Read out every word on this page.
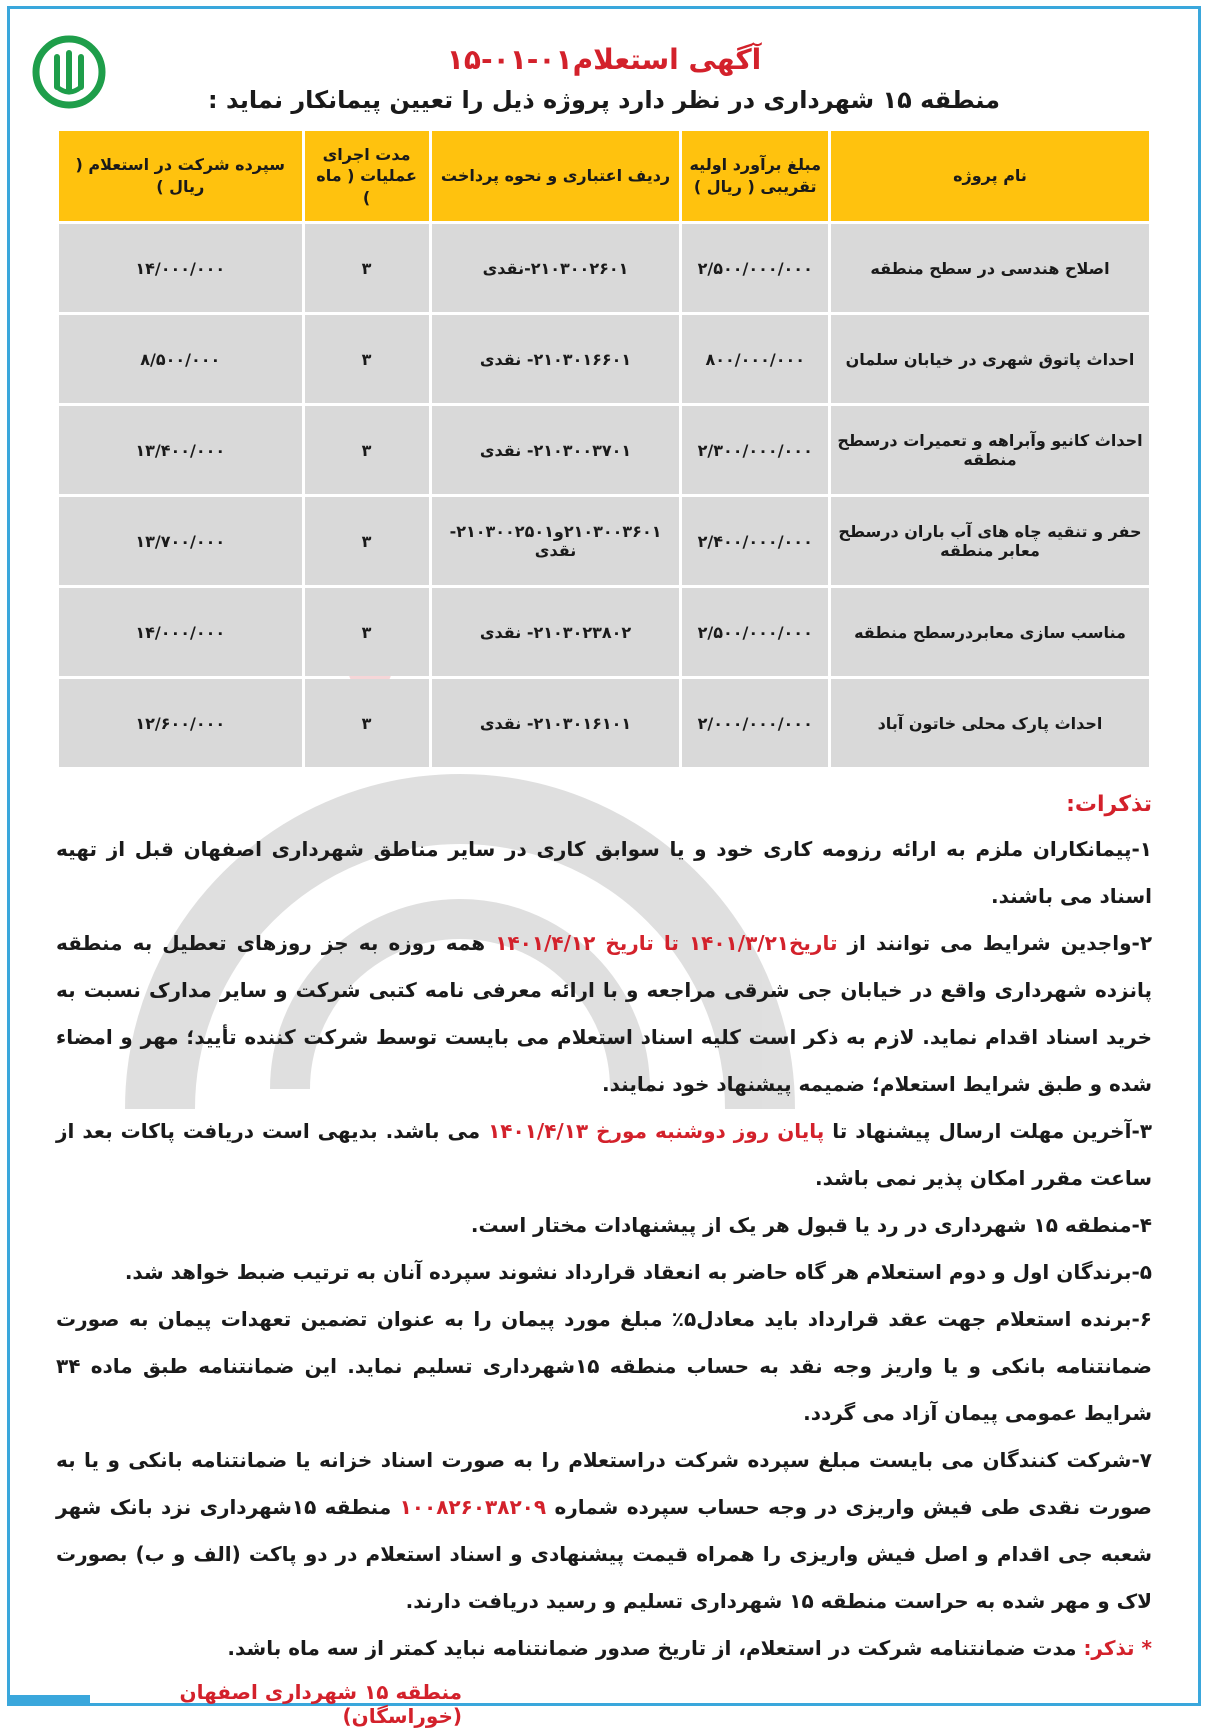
آگهی استعلام۰۱-۰۱-۱۵
منطقه ۱۵ شهرداری در نظر دارد پروژه ذیل را تعیین پیمانکار نماید :
نام پروژه	مبلغ برآورد اولیه تقریبی ( ریال )	ردیف اعتباری و نحوه پرداخت	مدت اجرای عملیات ( ماه )	سپرده شرکت در استعلام ( ریال )
اصلاح هندسی در سطح منطقه	۲/۵۰۰/۰۰۰/۰۰۰	۲۱۰۳۰۰۲۶۰۱-نقدی	۳	۱۴/۰۰۰/۰۰۰
احداث پاتوق شهری در خیابان سلمان	۸۰۰/۰۰۰/۰۰۰	۲۱۰۳۰۱۶۶۰۱- نقدی	۳	۸/۵۰۰/۰۰۰
احداث کانیو وآبراهه و تعمیرات درسطح منطقه	۲/۳۰۰/۰۰۰/۰۰۰	۲۱۰۳۰۰۳۷۰۱- نقدی	۳	۱۳/۴۰۰/۰۰۰
حفر و تنقیه چاه های آب باران درسطح معابر منطقه	۲/۴۰۰/۰۰۰/۰۰۰	۲۱۰۳۰۰۳۶۰۱و۲۱۰۳۰۰۲۵۰۱- نقدی	۳	۱۳/۷۰۰/۰۰۰
مناسب سازی معابردرسطح منطقه	۲/۵۰۰/۰۰۰/۰۰۰	۲۱۰۳۰۲۳۸۰۲- نقدی	۳	۱۴/۰۰۰/۰۰۰
احداث پارک محلی خاتون آباد	۲/۰۰۰/۰۰۰/۰۰۰	۲۱۰۳۰۱۶۱۰۱- نقدی	۳	۱۲/۶۰۰/۰۰۰
تذکرات:

۱-پیمانکاران ملزم به ارائه رزومه کاری خود و یا سوابق کاری در سایر مناطق شهرداری اصفهان قبل از تهیه اسناد می باشند.

۲-واجدین شرایط می توانند از تاریخ۱۴۰۱/۳/۲۱ تا تاریخ ۱۴۰۱/۴/۱۲ همه روزه به جز روزهای تعطیل به منطقه پانزده شهرداری واقع در خیابان جی شرقی مراجعه و با ارائه معرفی نامه کتبی شرکت و سایر مدارک نسبت به خرید اسناد اقدام نماید. لازم به ذکر است کلیه اسناد استعلام می بایست توسط شرکت کننده تأیید؛ مهر و امضاء شده و طبق شرایط استعلام؛ ضمیمه پیشنهاد خود نمایند.

۳-آخرین مهلت ارسال پیشنهاد تا پایان روز دوشنبه مورخ ۱۴۰۱/۴/۱۳ می باشد. بدیهی است دریافت پاکات بعد از ساعت مقرر امکان پذیر نمی باشد.

۴-منطقه ۱۵ شهرداری در رد یا قبول هر یک از پیشنهادات مختار است.

۵-برندگان اول و دوم استعلام هر گاه حاضر به انعقاد قرارداد نشوند سپرده آنان به ترتیب ضبط خواهد شد.

۶-برنده استعلام جهت عقد قرارداد باید معادل۵٪ مبلغ مورد پیمان را به عنوان تضمین تعهدات پیمان به صورت ضمانتنامه بانکی و یا واریز وجه نقد به حساب منطقه ۱۵شهرداری تسلیم نماید. این ضمانتنامه طبق ماده ۳۴ شرایط عمومی پیمان آزاد می گردد.

۷-شرکت کنندگان می بایست مبلغ سپرده شرکت دراستعلام را به صورت اسناد خزانه یا ضمانتنامه بانکی و یا به صورت نقدی طی فیش واریزی در وجه حساب سپرده شماره ۱۰۰۸۲۶۰۳۸۲۰۹ منطقه ۱۵شهرداری نزد بانک شهر شعبه جی اقدام و اصل فیش واریزی را همراه قیمت پیشنهادی و اسناد استعلام در دو پاکت (الف و ب) بصورت لاک و مهر شده به حراست منطقه ۱۵ شهرداری تسلیم و رسید دریافت دارند.

* تذکر: مدت ضمانتنامه شرکت در استعلام، از تاریخ صدور ضمانتنامه نباید کمتر از سه ماه باشد.

منطقه ۱۵ شهرداری اصفهان (خوراسگان)
